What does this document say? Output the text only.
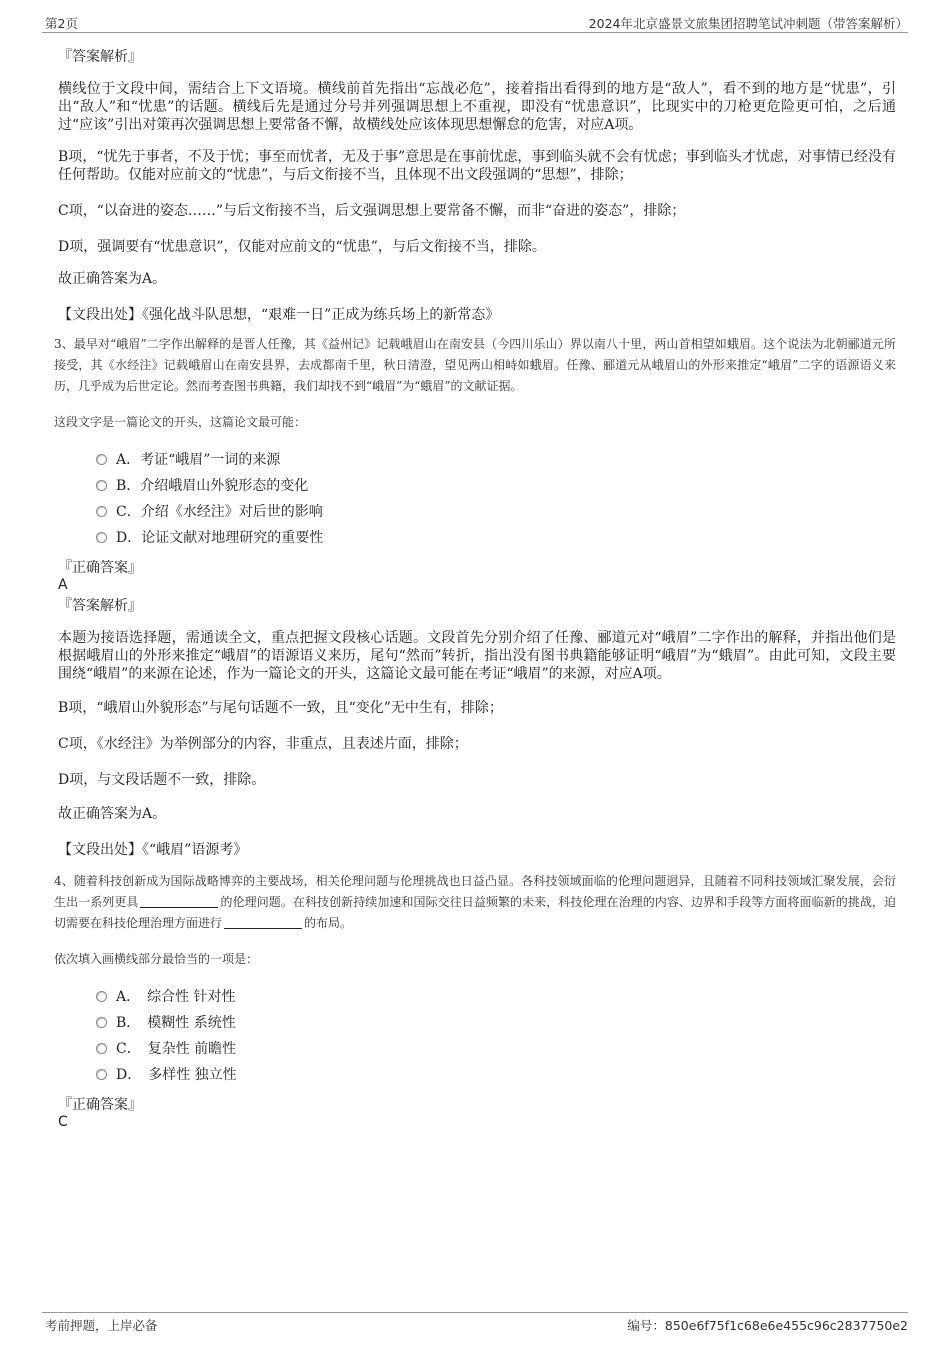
第2页	2024年北京盛景文旅集团招聘笔试冲刺题（带答案解析）

『答案解析』

横线位于文段中间，需结合上下文语境。横线前首先指出“忘战必危”，接着指出看得到的地方是“敌人”，看不到的地方是“忧患”，引出“敌人”和“忧患”的话题。横线后先是通过分号并列强调思想上不重视，即没有“忧患意识”，比现实中的刀枪更危险更可怕，之后通过“应该”引出对策再次强调思想上要常备不懈，故横线处应该体现思想懈怠的危害，对应A项。

B项，“忧先于事者，不及于忧；事至而忧者，无及于事”意思是在事前忧虑，事到临头就不会有忧虑；事到临头才忧虑，对事情已经没有任何帮助。仅能对应前文的“忧患”，与后文衔接不当，且体现不出文段强调的“思想”，排除；

C项，“以奋进的姿态……”与后文衔接不当，后文强调思想上要常备不懈，而非“奋进的姿态”，排除；

D项，强调要有“忧患意识”，仅能对应前文的“忧患”，与后文衔接不当，排除。

故正确答案为A。

【文段出处】《强化战斗队思想，“艰难一日”正成为练兵场上的新常态》

3、最早对“峨眉”二字作出解释的是晋人任豫，其《益州记》记载峨眉山在南安县（今四川乐山）界以南八十里，两山首相望如蛾眉。这个说法为北朝郦道元所接受，其《水经注》记载峨眉山在南安县界，去成都南千里，秋日清澄，望见两山相峙如蛾眉。任豫、郦道元从峨眉山的外形来推定“峨眉”二字的语源语义来历，几乎成为后世定论。然而考查图书典籍，我们却找不到“峨眉”为“蛾眉”的文献证据。

这段文字是一篇论文的开头，这篇论文最可能：

A．考证“峨眉”一词的来源
B．介绍峨眉山外貌形态的变化
C．介绍《水经注》对后世的影响
D．论证文献对地理研究的重要性

『正确答案』

A

『答案解析』

本题为接语选择题，需通读全文，重点把握文段核心话题。文段首先分别介绍了任豫、郦道元对“峨眉”二字作出的解释，并指出他们是根据峨眉山的外形来推定“峨眉”的语源语义来历，尾句“然而”转折，指出没有图书典籍能够证明“峨眉”为“蛾眉”。由此可知，文段主要围绕“峨眉”的来源在论述，作为一篇论文的开头，这篇论文最可能在考证“峨眉”的来源，对应A项。

B项，“峨眉山外貌形态”与尾句话题不一致，且“变化”无中生有，排除；

C项，《水经注》为举例部分的内容，非重点，且表述片面，排除；

D项，与文段话题不一致，排除。

故正确答案为A。

【文段出处】《“峨眉”语源考》

4、随着科技创新成为国际战略博弈的主要战场，相关伦理问题与伦理挑战也日益凸显。各科技领域面临的伦理问题迥异，且随着不同科技领域汇聚发展，会衍生出一系列更具	的伦理问题。在科技创新持续加速和国际交往日益频繁的未来，科技伦理在治理的内容、边界和手段等方面将面临新的挑战，迫切需要在科技伦理治理方面进行	的布局。

依次填入画横线部分最恰当的一项是：

A．　综合性 针对性
B．　模糊性 系统性
C．　复杂性 前瞻性
D．　多样性 独立性

『正确答案』

C

考前押题，上岸必备	编号：850e6f75f1c68e6e455c96c2837750e2
